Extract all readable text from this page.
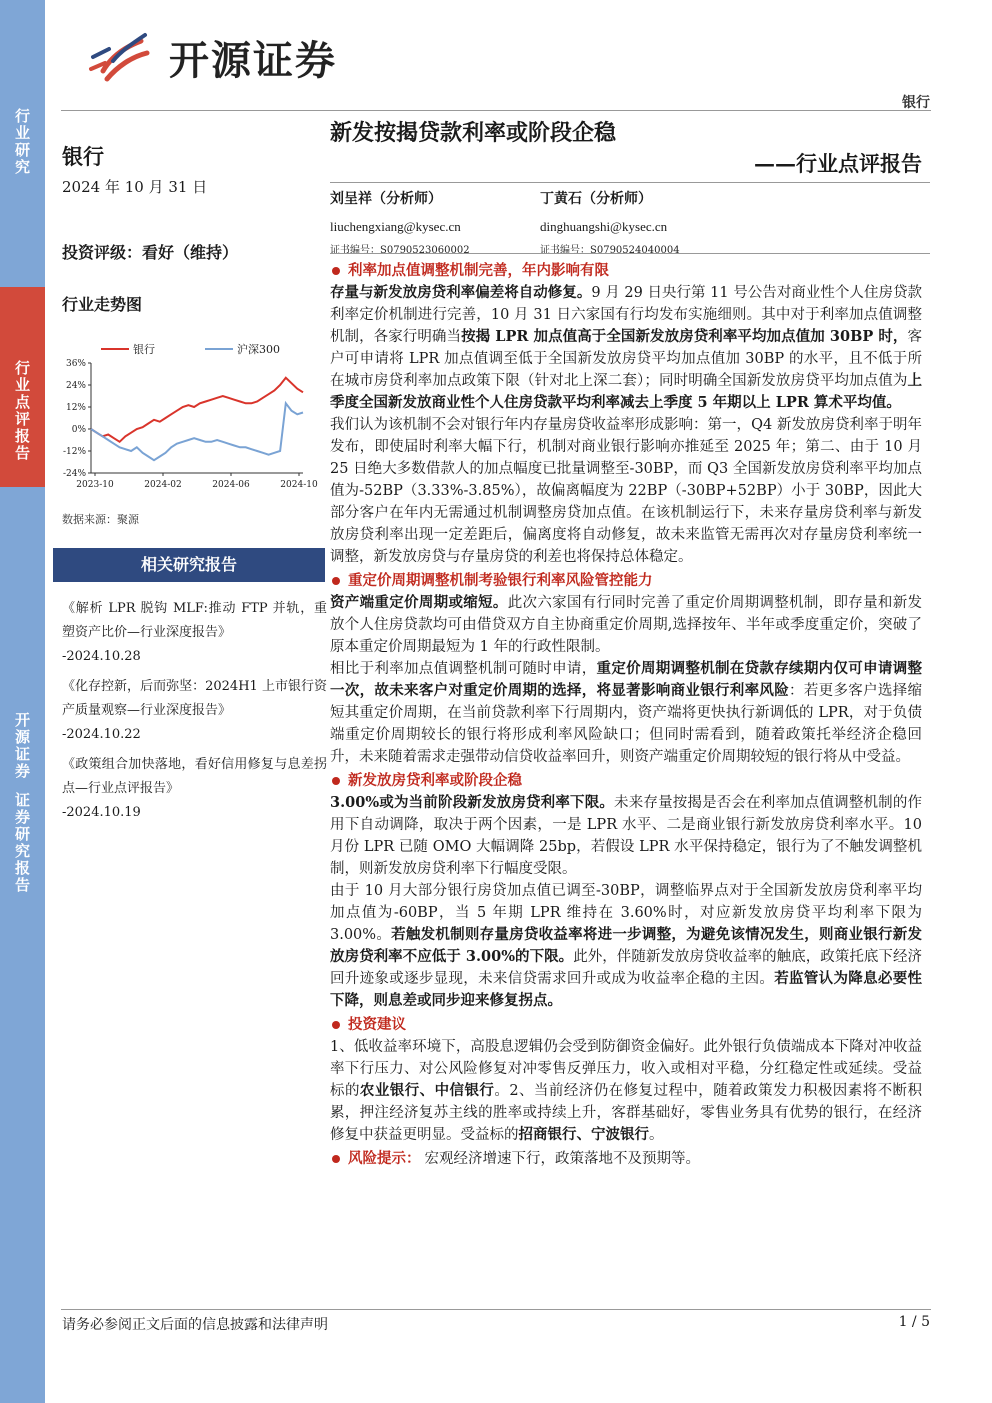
行
业
研
究
行
业
点
评
报
告
开
源
证
券
证
券
研
究
报
告
开源证券
银行
新发按揭贷款利率或阶段企稳
——行业点评报告
银行
2024 年 10 月 31 日
投资评级：看好（维持）
行业走势图
36%
24%
12%
0%
-12%
-24%
2023-10	2024-02	2024-06	2024-10
银行	沪深300
数据来源：聚源
相关研究报告
《解析 LPR 脱钩 MLF:推动 FTP 并轨，重塑资产比价—行业深度报告》
-2024.10.28
《化存控新，后而弥坚：2024H1 上市银行资产质量观察—行业深度报告》
-2024.10.22
《政策组合加快落地，看好信用修复与息差拐点—行业点评报告》
-2024.10.19
刘呈祥（分析师）
liuchengxiang@kysec.cn
证书编号：S0790523060002
丁黄石（分析师）
dinghuangshi@kysec.cn
证书编号：S0790524040004
利率加点值调整机制完善，年内影响有限

存量与新发放房贷利率偏差将自动修复。9 月 29 日央行第 11 号公告对商业性个人住房贷款利率定价机制进行完善，10 月 31 日六家国有行均发布实施细则。其中对于利率加点值调整机制，各家行明确当按揭 LPR 加点值高于全国新发放房贷利率平均加点值加 30BP 时，客户可申请将 LPR 加点值调至低于全国新发放房贷平均加点值加 30BP 的水平，且不低于所在城市房贷利率加点政策下限（针对北上深二套）；同时明确全国新发放房贷平均加点值为上季度全国新发放商业性个人住房贷款平均利率减去上季度 5 年期以上 LPR 算术平均值。

我们认为该机制不会对银行年内存量房贷收益率形成影响：第一，Q4 新发放房贷利率于明年发布，即使届时利率大幅下行，机制对商业银行影响亦推延至 2025 年；第二、由于 10 月 25 日绝大多数借款人的加点幅度已批量调整至-30BP，而 Q3 全国新发放房贷利率平均加点值为-52BP（3.33%-3.85%），故偏离幅度为 22BP（-30BP+52BP）小于 30BP，因此大部分客户在年内无需通过机制调整房贷加点值。在该机制运行下，未来存量房贷利率与新发放房贷利率出现一定差距后，偏离度将自动修复，故未来监管无需再次对存量房贷利率统一调整，新发放房贷与存量房贷的利差也将保持总体稳定。

重定价周期调整机制考验银行利率风险管控能力

资产端重定价周期或缩短。此次六家国有行同时完善了重定价周期调整机制，即存量和新发放个人住房贷款均可由借贷双方自主协商重定价周期,选择按年、半年或季度重定价，突破了原本重定价周期最短为 1 年的行政性限制。

相比于利率加点值调整机制可随时申请，重定价周期调整机制在贷款存续期内仅可申请调整一次，故未来客户对重定价周期的选择，将显著影响商业银行利率风险：若更多客户选择缩短其重定价周期，在当前贷款利率下行周期内，资产端将更快执行新调低的 LPR，对于负债端重定价周期较长的银行将形成利率风险缺口；但同时需看到，随着政策托举经济企稳回升，未来随着需求走强带动信贷收益率回升，则资产端重定价周期较短的银行将从中受益。

新发放房贷利率或阶段企稳

3.00%或为当前阶段新发放房贷利率下限。未来存量按揭是否会在利率加点值调整机制的作用下自动调降，取决于两个因素，一是 LPR 水平、二是商业银行新发放房贷利率水平。10 月份 LPR 已随 OMO 大幅调降 25bp，若假设 LPR 水平保持稳定，银行为了不触发调整机制，则新发放房贷利率下行幅度受限。

由于 10 月大部分银行房贷加点值已调至-30BP，调整临界点对于全国新发放房贷利率平均加点值为-60BP，当 5 年期 LPR 维持在 3.60%时，对应新发放房贷平均利率下限为 3.00%。若触发机制则存量房贷收益率将进一步调整，为避免该情况发生，则商业银行新发放房贷利率不应低于 3.00%的下限。此外，伴随新发放房贷收益率的触底，政策托底下经济回升迹象或逐步显现，未来信贷需求回升或成为收益率企稳的主因。若监管认为降息必要性下降，则息差或同步迎来修复拐点。

投资建议

1、低收益率环境下，高股息逻辑仍会受到防御资金偏好。此外银行负债端成本下降对冲收益率下行压力、对公风险修复对冲零售反弹压力，收入或相对平稳，分红稳定性或延续。受益标的农业银行、中信银行。2、当前经济仍在修复过程中，随着政策发力积极因素将不断积累，押注经济复苏主线的胜率或持续上升，客群基础好，零售业务具有优势的银行，在经济修复中获益更明显。受益标的招商银行、宁波银行。

风险提示： 宏观经济增速下行，政策落地不及预期等。
请务必参阅正文后面的信息披露和法律声明	1 / 5
